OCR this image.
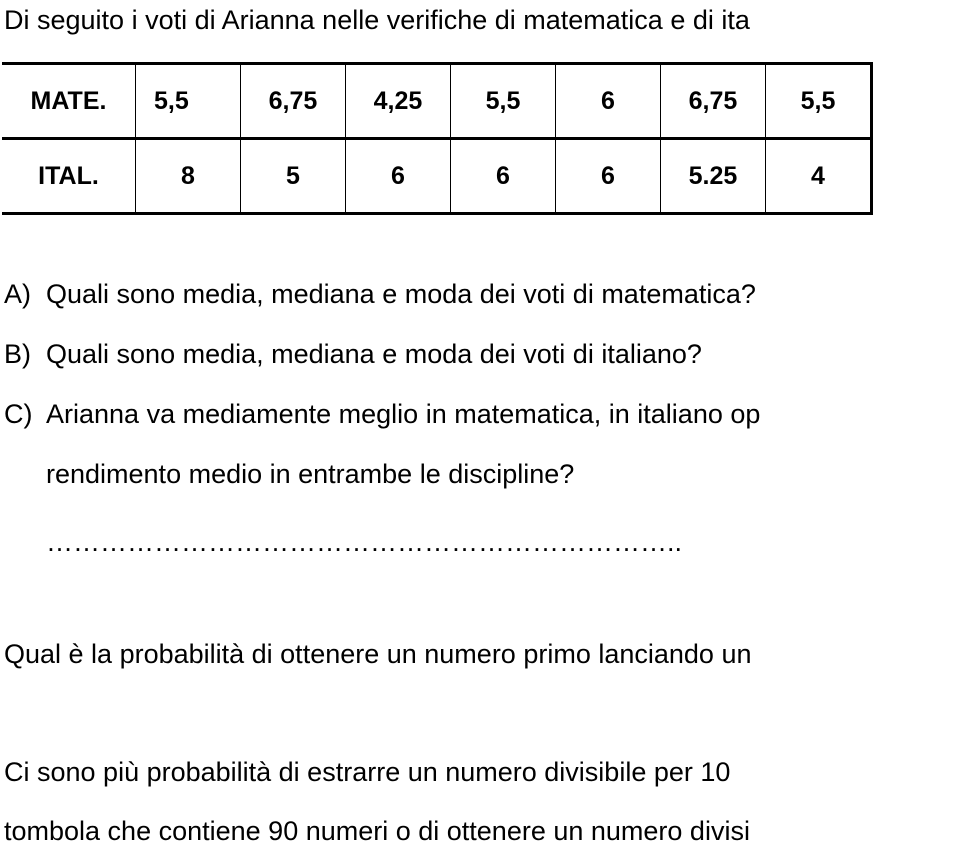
Di seguito i voti di Arianna nelle verifiche di matematica e di ita
MATE.	5,5	6,75	4,25	5,5	6	6,75	5,5
ITAL.	8	5	6	6	6	5.25	4
A) Quali sono media, mediana e moda dei voti di matematica?
B) Quali sono media, mediana e moda dei voti di italiano?
C) Arianna va mediamente meglio in matematica, in italiano op
rendimento medio in entrambe le discipline?
……………………………………………………………..
Qual è la probabilità di ottenere un numero primo lanciando un
Ci sono più probabilità di estrarre un numero divisibile per 10
tombola che contiene 90 numeri o di ottenere un numero divisi
